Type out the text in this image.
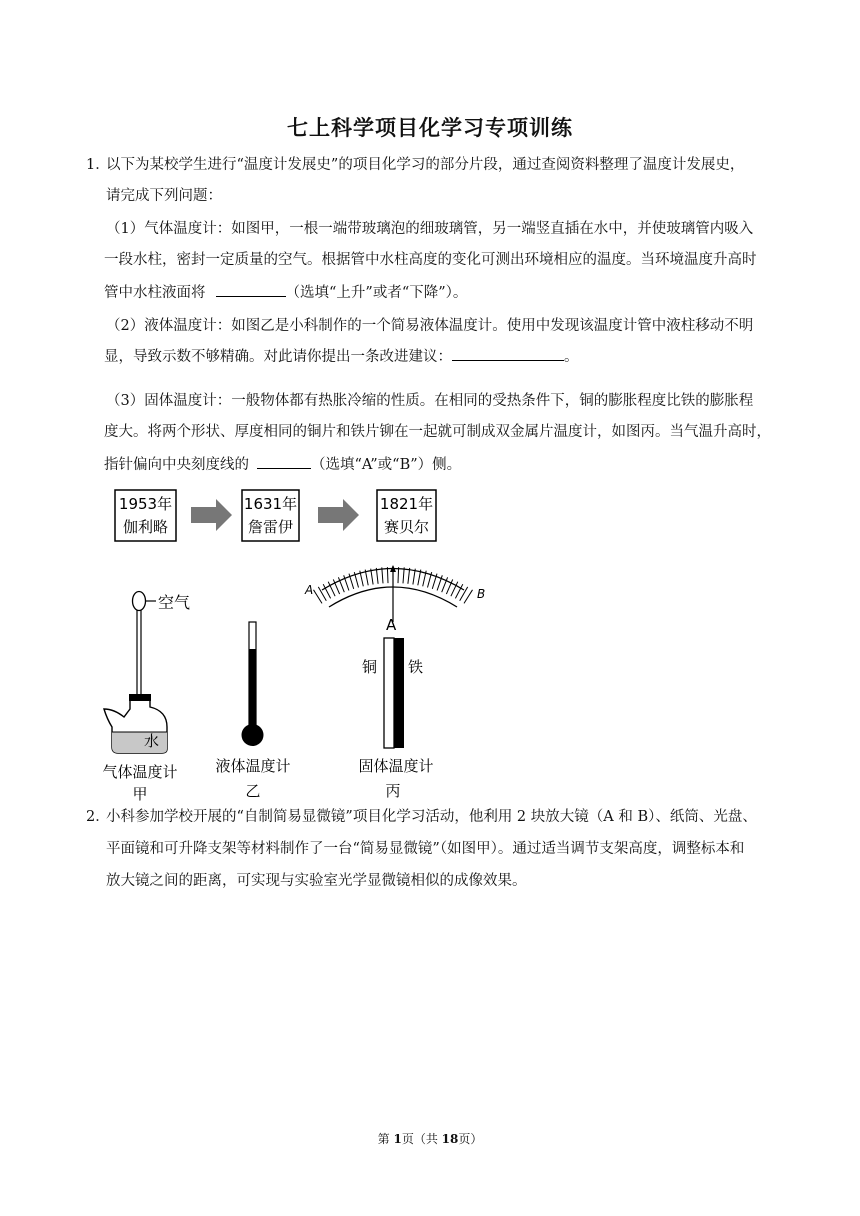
七上科学项目化学习专项训练
1．以下为某校学生进行“温度计发展史”的项目化学习的部分片段，通过查阅资料整理了温度计发展史，
请完成下列问题：
（1）气体温度计：如图甲，一根一端带玻璃泡的细玻璃管，另一端竖直插在水中，并使玻璃管内吸入
一段水柱，密封一定质量的空气。根据管中水柱高度的变化可测出环境相应的温度。当环境温度升高时
管中水柱液面将	（选填“上升”或者“下降”）。
（2）液体温度计：如图乙是小科制作的一个简易液体温度计。使用中发现该温度计管中液柱移动不明
显，导致示数不够精确。对此请你提出一条改进建议：	。
（3）固体温度计：一般物体都有热胀冷缩的性质。在相同的受热条件下，铜的膨胀程度比铁的膨胀程
度大。将两个形状、厚度相同的铜片和铁片铆在一起就可制成双金属片温度计，如图丙。当气温升高时，
指针偏向中央刻度线的	（选填“A”或“B”）侧。
1953年
伽利略
1631年
詹雷伊
1821年
赛贝尔
空气
水
气体温度计
甲
液体温度计
乙
A	B
A
铜 铁
固体温度计
丙
2．小科参加学校开展的“自制简易显微镜”项目化学习活动，他利用 2 块放大镜（A 和 B）、纸筒、光盘、
平面镜和可升降支架等材料制作了一台“简易显微镜”（如图甲）。通过适当调节支架高度，调整标本和
放大镜之间的距离，可实现与实验室光学显微镜相似的成像效果。
第 1页（共 18页）
